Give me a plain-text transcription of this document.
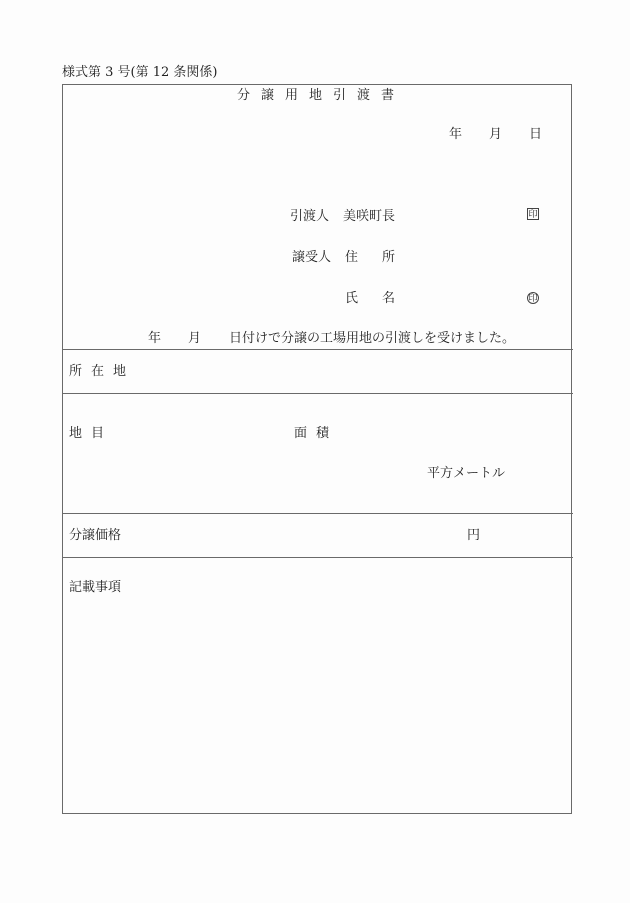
様式第 3 号(第 12 条関係)
分譲用地引渡書
年 月 日
引渡人 美咲町長	印
譲受人 住 所
氏 名	印
年 月 日付けで分譲の工場用地の引渡しを受けました。
所在地
地目	面積
平方メートル
分譲価格	円
記載事項
